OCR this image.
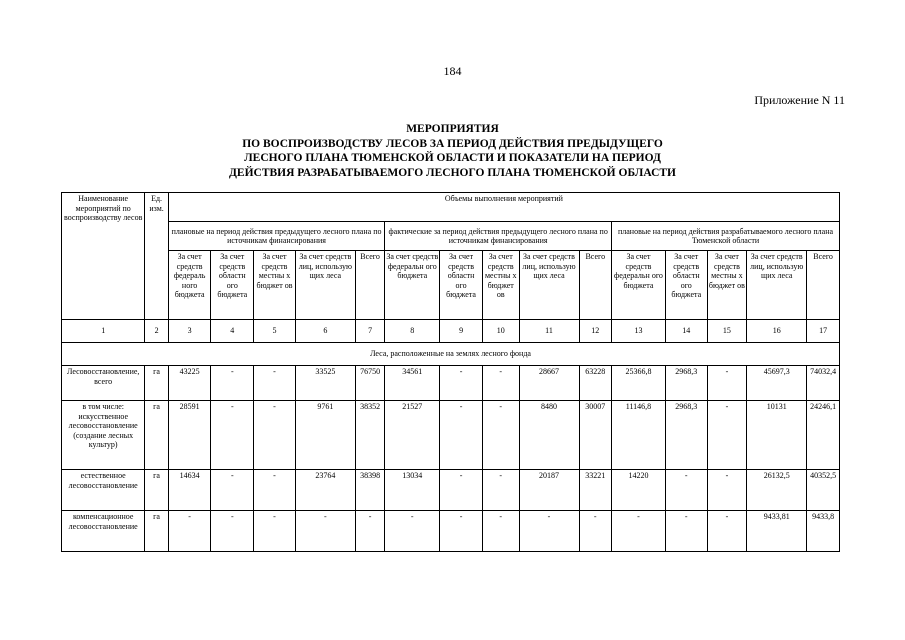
184
Приложение N 11
МЕРОПРИЯТИЯ
ПО ВОСПРОИЗВОДСТВУ ЛЕСОВ ЗА ПЕРИОД ДЕЙСТВИЯ ПРЕДЫДУЩЕГО
ЛЕСНОГО ПЛАНА ТЮМЕНСКОЙ ОБЛАСТИ И ПОКАЗАТЕЛИ НА ПЕРИОД
ДЕЙСТВИЯ РАЗРАБАТЫВАЕМОГО ЛЕСНОГО ПЛАНА ТЮМЕНСКОЙ ОБЛАСТИ
Наименование мероприятий по воспроизводству лесов	Ед. изм.	Объемы выполнения мероприятий														
		плановые на период действия предыдущего лесного плана по источникам финансирования					фактические за период действия предыдущего лесного плана по источникам финансирования					плановые на период действия разрабатываемого лесного плана Тюменской области				
		За счет средств федераль ного бюджета	За счет средств областн ого бюджета	За счет средств местны х бюджет ов	За счет средств лиц, использую щих леса	Всего	За счет средств федеральн ого бюджета	За счет средств областн ого бюджета	За счет средств местны х бюджет ов	За счет средств лиц, использую щих леса	Всего	За счет средств федеральн ого бюджета	За счет средств областн ого бюджета	За счет средств местны х бюджет ов	За счет средств лиц, использую щих леса	Всего
1	2	3	4	5	6	7	8	9	10	11	12	13	14	15	16	17
Леса, расположенные на землях лесного фонда																
Лесовосстановление, всего	га	43225	-	-	33525	76750	34561	-	-	28667	63228	25366,8	2968,3	-	45697,3	74032,4
в том числе: искусственное лесовосстановление (создание лесных культур)	га	28591	-	-	9761	38352	21527	-	-	8480	30007	11146,8	2968,3	-	10131	24246,1
естественное лесовосстановление	га	14634	-	-	23764	38398	13034	-	-	20187	33221	14220	-	-	26132,5	40352,5
компенсационное лесовосстановление	га	-	-	-	-	-	-	-	-	-	-	-	-	-	9433,81	9433,8
